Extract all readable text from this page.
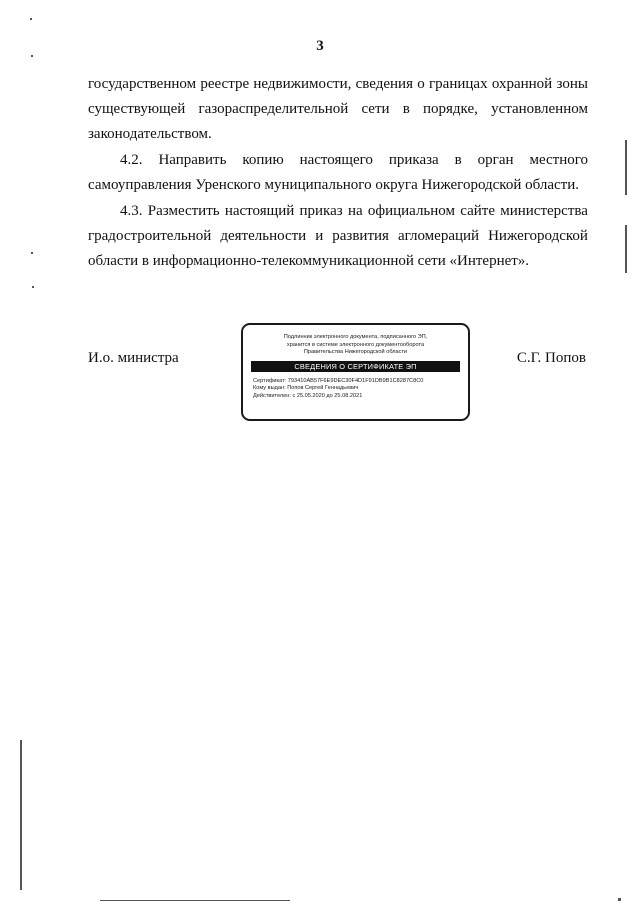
3
государственном реестре недвижимости, сведения о границах охранной зоны
существующей газораспределительной сети в порядке, установленном
законодательством.
4.2. Направить копию настоящего приказа в орган местного
самоуправления Уренского муниципального округа Нижегородской области.
4.3. Разместить настоящий приказ на официальном сайте министерства
градостроительной деятельности и развития агломераций Нижегородской
области в информационно-телекоммуникационной сети «Интернет».
И.о. министра	С.Г. Попов
Подлинник электронного документа, подписанного ЭП,
хранится в системе электронного документооборота
Правительства Нижегородской области
СВЕДЕНИЯ О СЕРТИФИКАТЕ ЭП
Сертификат: 793410AB57F6E9DEC30F4D1F91DB9B1C8287C8C0
Кому выдан: Попов Сергей Геннадьевич
Действителен: с 25.05.2020 до 25.08.2021
